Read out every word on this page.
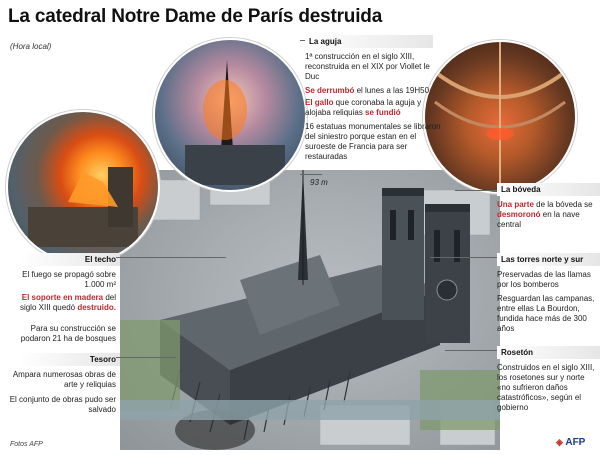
La catedral Notre Dame de París destruida
(Hora local)
93 m
La aguja
1ª construcción en el siglo XIII, reconstruida en el XIX por Viollet le Duc
Se derrumbó el lunes a las 19H50
El gallo que coronaba la aguja y alojaba reliquias se fundió
16 estatuas monumentales se libraron del siniestro porque estan en el suroeste de Francia para ser restauradas
La bóveda
Una parte de la bóveda se desmoronó en la nave central
Las torres norte y sur
Preservadas de las llamas por los bomberos
Resguardan las campanas, entre ellas La Bourdon, fundida hace más de 300 años
Rosetón
Construidos en el siglo XIII, los rosetones sur y norte «no sufrieron daños catastróficos», según el gobierno
El techo
El fuego se propagó sobre 1.000 m²
El soporte en madera del siglo XIII quedó destruido.
Para su construcción se podaron 21 ha de bosques
Tesoro
Ampara numerosas obras de arte y reliquias
El conjunto de obras pudo ser salvado
Fotos AFP	◈ AFP
